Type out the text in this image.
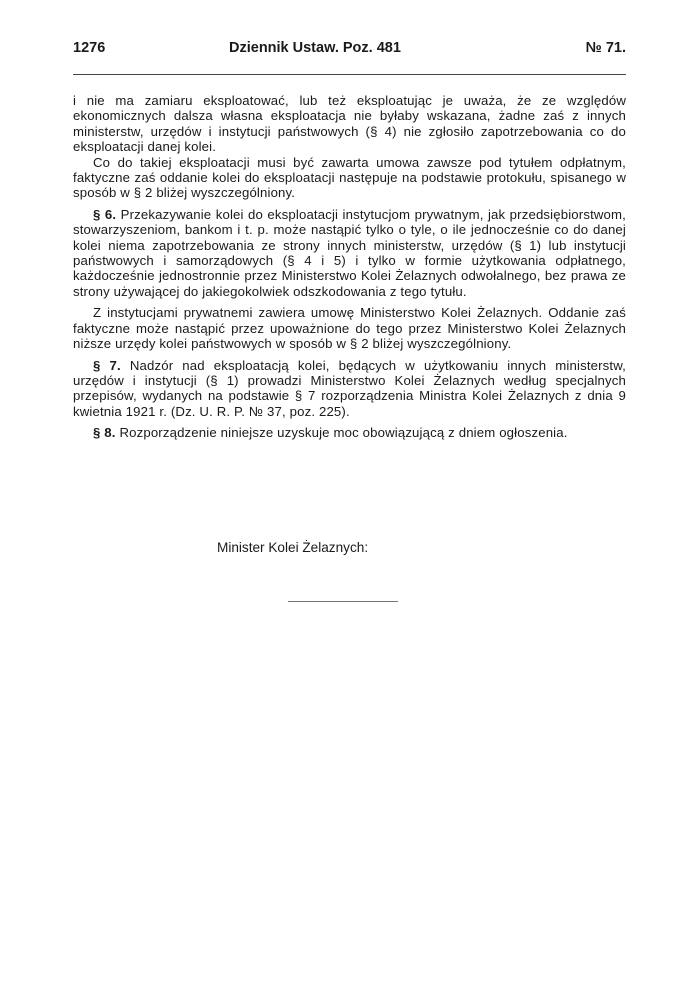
1276	Dziennik Ustaw. Poz. 481	№ 71.

i nie ma zamiaru eksploatować, lub też eksploatując je uważa, że ze względów ekonomicznych dalsza własna eksploatacja nie byłaby wskazana, żadne zaś z innych ministerstw, urzędów i instytucji państwowych (§ 4) nie zgłosiło zapotrzebowania co do eksploatacji danej kolei.

Co do takiej eksploatacji musi być zawarta umowa zawsze pod tytułem odpłatnym, faktyczne zaś oddanie kolei do eksploatacji następuje na podstawie protokułu, spisanego w sposób w § 2 bliżej wyszczególniony.

§ 6. Przekazywanie kolei do eksploatacji instytucjom prywatnym, jak przedsiębiorstwom, stowarzyszeniom, bankom i t. p. może nastąpić tylko o tyle, o ile jednocześnie co do danej kolei niema zapotrzebowania ze strony innych ministerstw, urzędów (§ 1) lub instytucji państwowych i samorządowych (§ 4 i 5) i tylko w formie użytkowania odpłatnego, każdocześnie jednostronnie przez Ministerstwo Kolei Żelaznych odwołalnego, bez prawa ze strony używającej do jakiegokolwiek odszkodowania z tego tytułu.

Z instytucjami prywatnemi zawiera umowę Ministerstwo Kolei Żelaznych. Oddanie zaś faktyczne może nastąpić przez upoważnione do tego przez Ministerstwo Kolei Żelaznych niższe urzędy kolei państwowych w sposób w § 2 bliżej wyszczególniony.

§ 7. Nadzór nad eksploatacją kolei, będących w użytkowaniu innych ministerstw, urzędów i instytucji (§ 1) prowadzi Ministerstwo Kolei Żelaznych według specjalnych przepisów, wydanych na podstawie § 7 rozporządzenia Ministra Kolei Żelaznych z dnia 9 kwietnia 1921 r. (Dz. U. R. P. № 37, poz. 225).

§ 8. Rozporządzenie niniejsze uzyskuje moc obowiązującą z dniem ogłoszenia.

Minister Kolei Żelaznych:
